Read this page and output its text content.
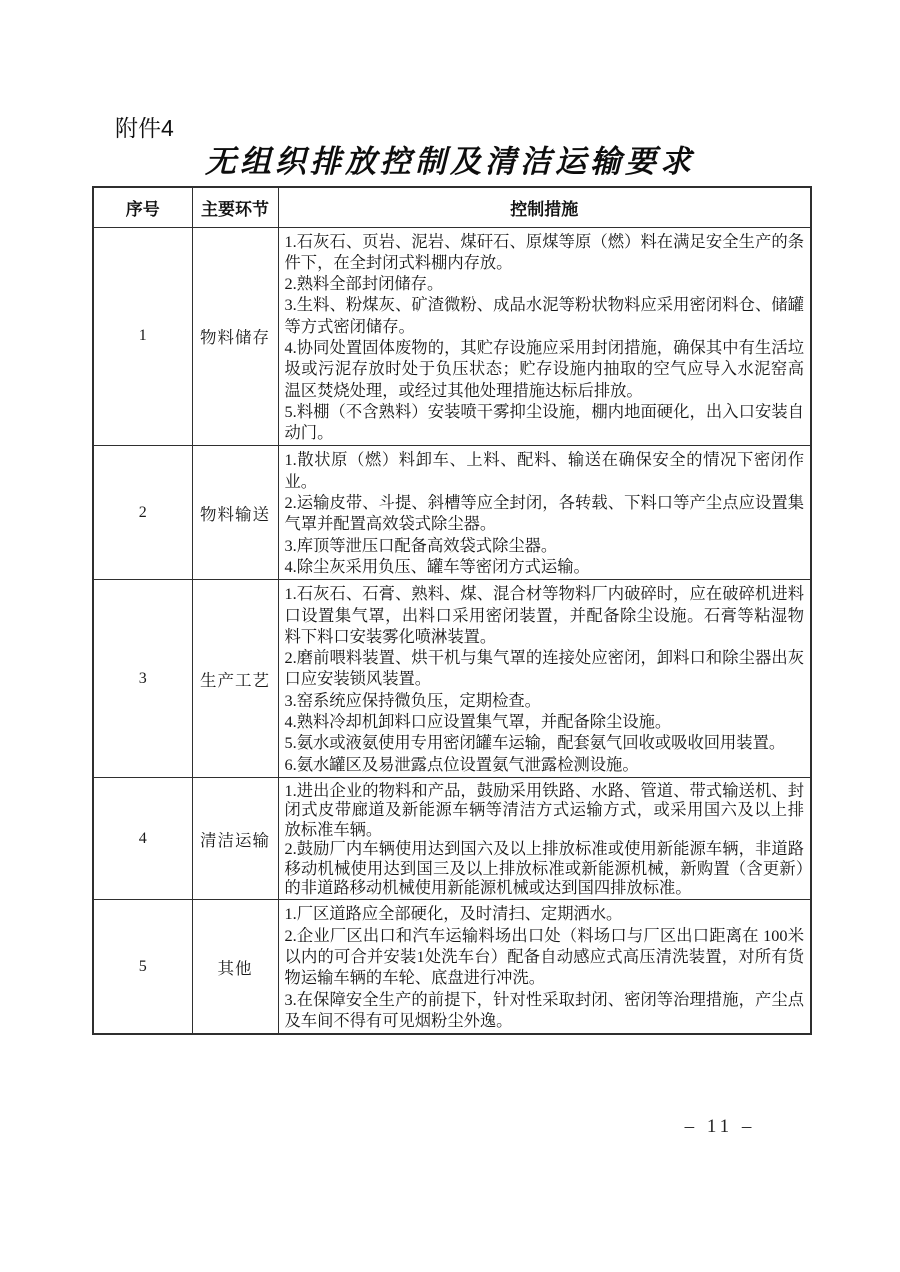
附件4
无组织排放控制及清洁运输要求
序号	主要环节	控制措施
1	物料储存	1.石灰石、页岩、泥岩、煤矸石、原煤等原（燃）料在满足安全生产的条件下，在全封闭式料棚内存放。
2.熟料全部封闭储存。
3.生料、粉煤灰、矿渣微粉、成品水泥等粉状物料应采用密闭料仓、储罐等方式密闭储存。
4.协同处置固体废物的，其贮存设施应采用封闭措施，确保其中有生活垃圾或污泥存放时处于负压状态；贮存设施内抽取的空气应导入水泥窑高温区焚烧处理，或经过其他处理措施达标后排放。
5.料棚（不含熟料）安装喷干雾抑尘设施，棚内地面硬化，出入口安装自动门。

2	物料输送	1.散状原（燃）料卸车、上料、配料、输送在确保安全的情况下密闭作业。
2.运输皮带、斗提、斜槽等应全封闭，各转载、下料口等产尘点应设置集气罩并配置高效袋式除尘器。
3.库顶等泄压口配备高效袋式除尘器。
4.除尘灰采用负压、罐车等密闭方式运输。

3	生产工艺	
1.石灰石、石膏、熟料、煤、混合材等物料厂内破碎时，应在破碎机进料口设置集气罩，出料口采用密闭装置，并配备除尘设施。石膏等粘湿物料下料口安装雾化喷淋装置。
2.磨前喂料装置、烘干机与集气罩的连接处应密闭，卸料口和除尘器出灰口应安装锁风装置。
3.窑系统应保持微负压，定期检查。
4.熟料冷却机卸料口应设置集气罩，并配备除尘设施。
5.氨水或液氨使用专用密闭罐车运输，配套氨气回收或吸收回用装置。
6.氨水罐区及易泄露点位设置氨气泄露检测设施。

4	清洁运输	1.进出企业的物料和产品，鼓励采用铁路、水路、管道、带式输送机、封闭式皮带廊道及新能源车辆等清洁方式运输方式，或采用国六及以上排放标准车辆。
2.鼓励厂内车辆使用达到国六及以上排放标准或使用新能源车辆，非道路移动机械使用达到国三及以上排放标准或新能源机械，新购置（含更新）的非道路移动机械使用新能源机械或达到国四排放标准。

5	其他	1.厂区道路应全部硬化，及时清扫、定期洒水。
2.企业厂区出口和汽车运输料场出口处（料场口与厂区出口距离在 100米以内的可合并安装1处洗车台）配备自动感应式高压清洗装置，对所有货物运输车辆的车轮、底盘进行冲洗。
3.在保障安全生产的前提下，针对性采取封闭、密闭等治理措施，产尘点及车间不得有可见烟粉尘外逸。
– 11 –
